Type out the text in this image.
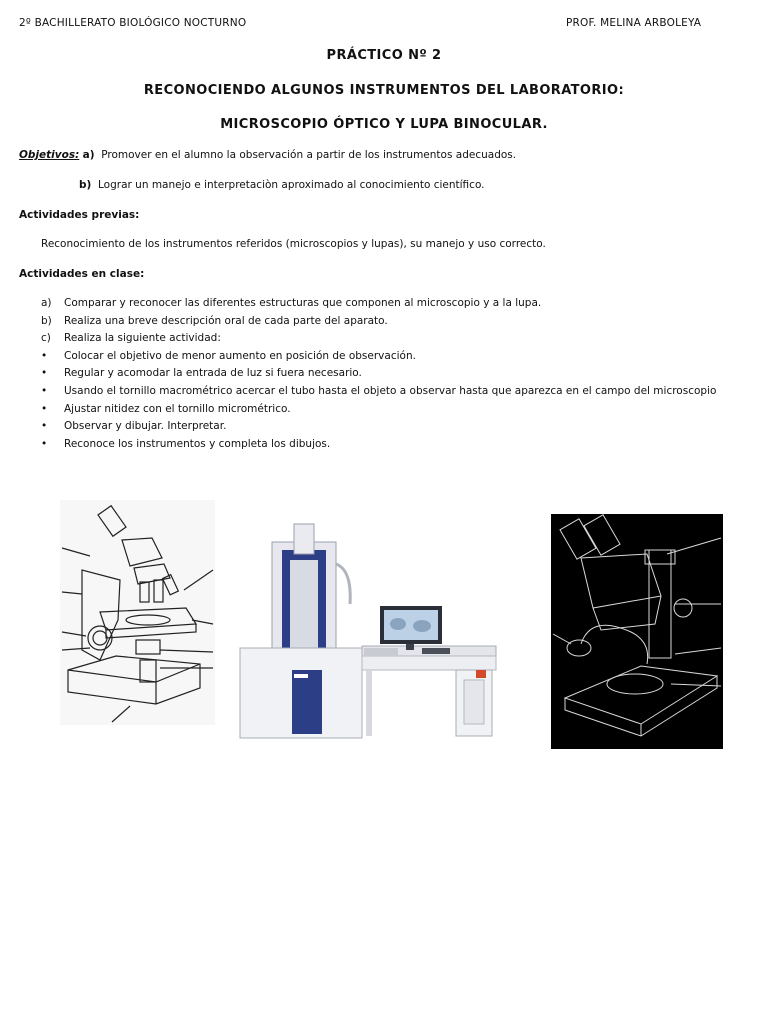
2º BACHILLERATO BIOLÓGICO NOCTURNO	PROF. MELINA ARBOLEYA
PRÁCTICO Nº 2
RECONOCIENDO ALGUNOS INSTRUMENTOS DEL LABORATORIO:
MICROSCOPIO ÓPTICO Y LUPA BINOCULAR.
Objetivos: a) Promover en el alumno la observación a partir de los instrumentos adecuados.
b) Lograr un manejo e interpretaciòn aproximado al conocimiento científico.
Actividades previas:
Reconocimiento de los instrumentos referidos (microscopios y lupas), su manejo y uso correcto.
Actividades en clase:
a) Comparar y reconocer las diferentes estructuras que componen al microscopio y a la lupa.
b) Realiza una breve descripción oral de cada parte del aparato.
c) Realiza la siguiente actividad:
• Colocar el objetivo de menor aumento en posición de observación.
• Regular y acomodar la entrada de luz si fuera necesario.
• Usando el tornillo macrométrico acercar el tubo hasta el objeto a observar hasta que aparezca en el campo del microscopio
• Ajustar nitidez con el tornillo micrométrico.
• Observar y dibujar. Interpretar.
• Reconoce los instrumentos y completa los dibujos.
